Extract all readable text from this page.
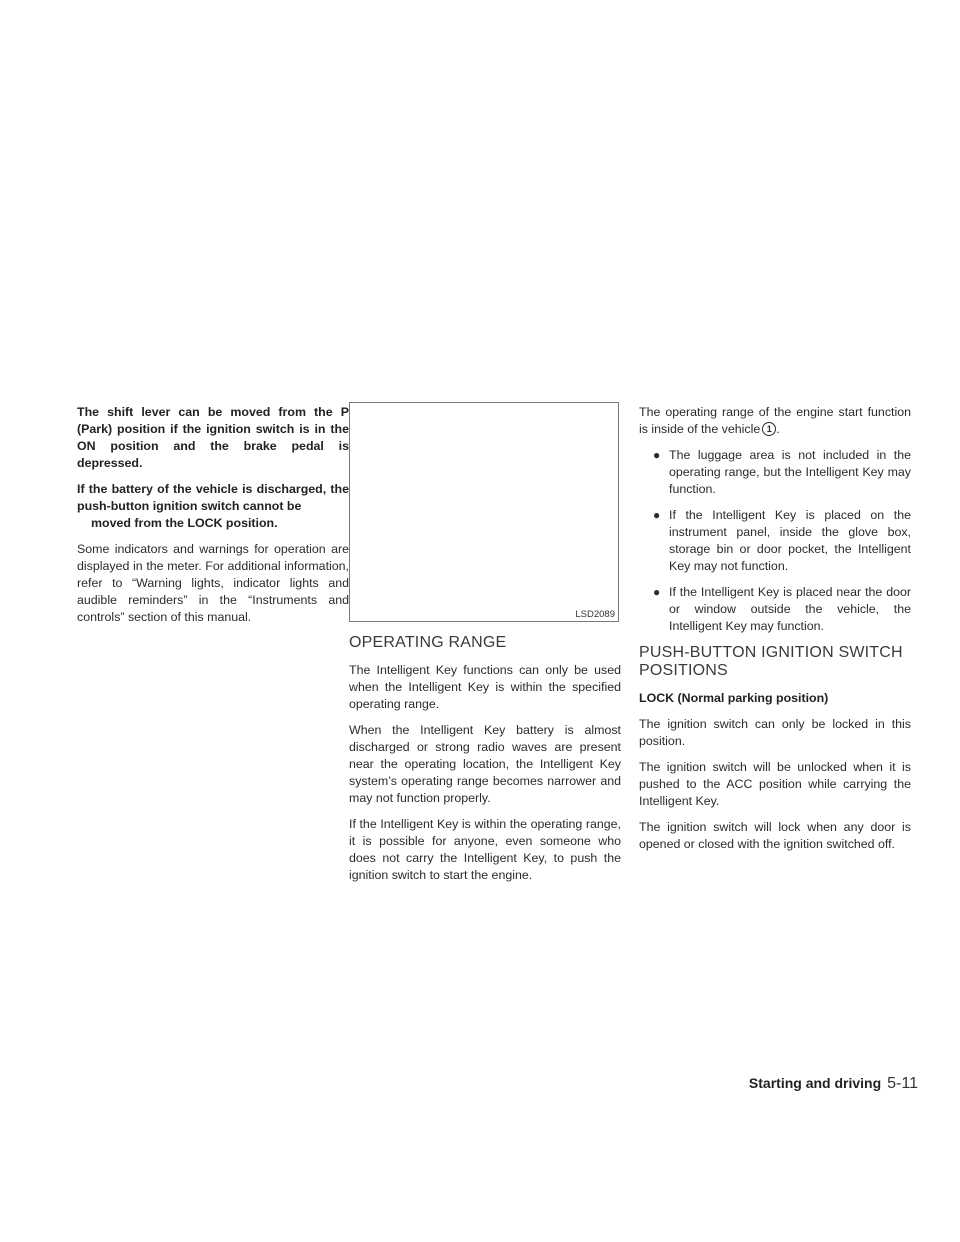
The shift lever can be moved from the P (Park) position if the ignition switch is in the ON position and the brake pedal is depressed.

If the battery of the vehicle is discharged, the push-button ignition switch cannot be
moved from the LOCK position.

Some indicators and warnings for operation are displayed in the meter. For additional information, refer to “Warning lights, indicator lights and audible reminders” in the “Instruments and controls” section of this manual.	LSD2089
OPERATING RANGE

The Intelligent Key functions can only be used when the Intelligent Key is within the specified operating range.

When the Intelligent Key battery is almost discharged or strong radio waves are present near the operating location, the Intelligent Key system’s operating range becomes narrower and may not function properly.

If the Intelligent Key is within the operating range, it is possible for anyone, even someone who does not carry the Intelligent Key, to push the ignition switch to start the engine.

The operating range of the engine start function is inside of the vehicle 1 .

● The luggage area is not included in the operating range, but the Intelligent Key may function.
● If the Intelligent Key is placed on the instrument panel, inside the glove box, storage bin or door pocket, the Intelligent Key may not function.
● If the Intelligent Key is placed near the door or window outside the vehicle, the Intelligent Key may function.
PUSH-BUTTON IGNITION SWITCH POSITIONS

LOCK (Normal parking position)

The ignition switch can only be locked in this position.

The ignition switch will be unlocked when it is pushed to the ACC position while carrying the Intelligent Key.

The ignition switch will lock when any door is opened or closed with the ignition switched off.

Starting and driving 5-11
